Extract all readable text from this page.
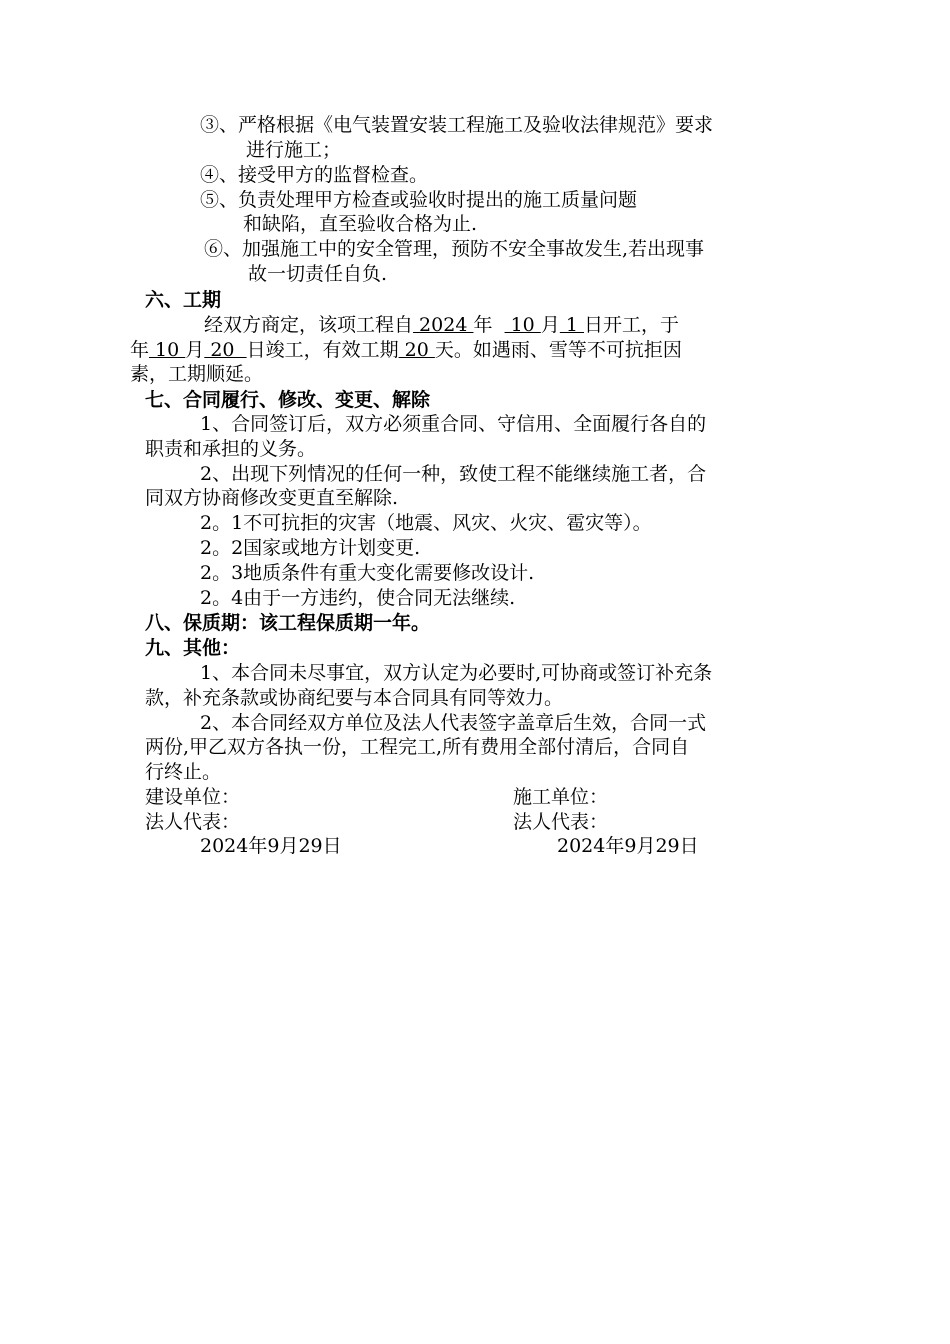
③、严格根据《电气装置安装工程施工及验收法律规范》要求
进行施工；
④、接受甲方的监督检查。
⑤、负责处理甲方检查或验收时提出的施工质量问题
和缺陷，直至验收合格为止.
⑥、加强施工中的安全管理，预防不安全事故发生,若出现事
故一切责任自负.
六、工期
经双方商定，该项工程自 2024 年   10 月 1 日开工，于
年 10 月 20  日竣工，有效工期 20 天。如遇雨、雪等不可抗拒因
素，工期顺延。
七、合同履行、修改、变更、解除
1、合同签订后，双方必须重合同、守信用、全面履行各自的
职责和承担的义务。
2、出现下列情况的任何一种，致使工程不能继续施工者，合
同双方协商修改变更直至解除.
2。1不可抗拒的灾害（地震、风灾、火灾、雹灾等）。
2。2国家或地方计划变更.
2。3地质条件有重大变化需要修改设计.
2。4由于一方违约，使合同无法继续.
八、保质期：该工程保质期一年。
九、其他：
1、本合同未尽事宜，双方认定为必要时,可协商或签订补充条
款，补充条款或协商纪要与本合同具有同等效力。
2、本合同经双方单位及法人代表签字盖章后生效，合同一式
两份,甲乙双方各执一份，工程完工,所有费用全部付清后，合同自
行终止。
建设单位：	施工单位：
法人代表：	法人代表：
2024年9月29日	2024年9月29日
